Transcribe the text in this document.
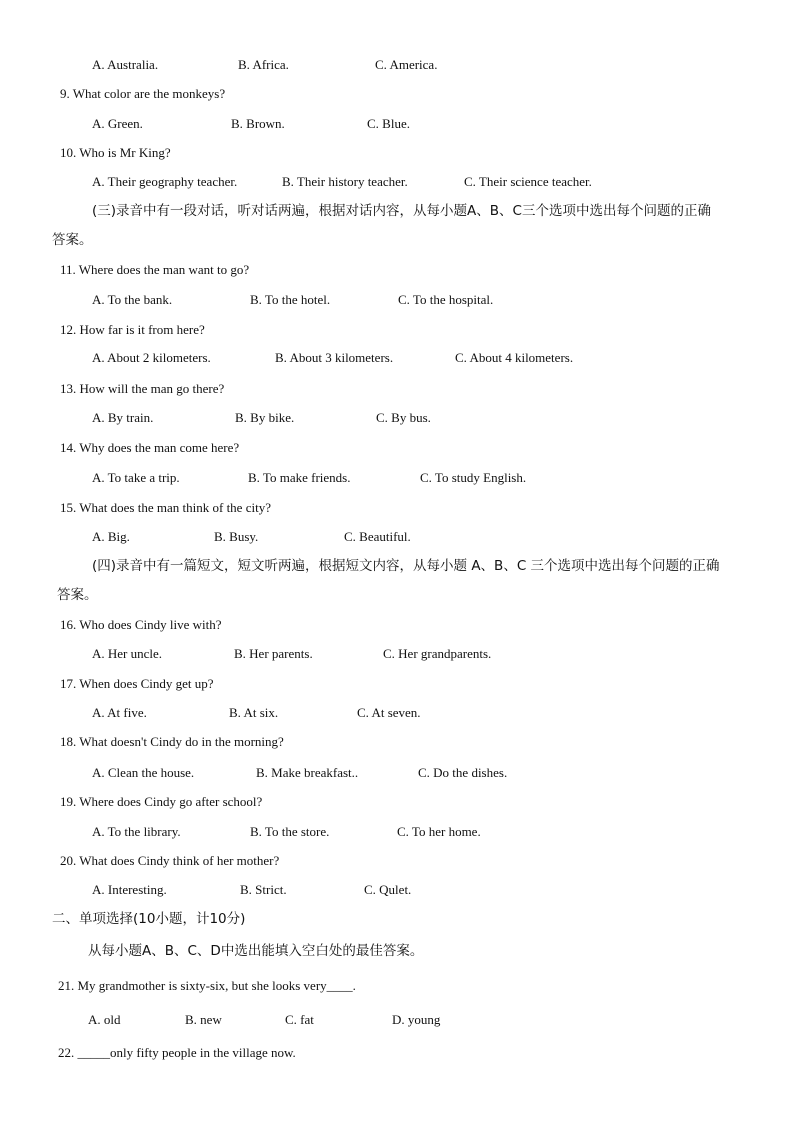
A. Australia.	B. Africa.	C. America.
9. What color are the monkeys?
A. Green.	B. Brown.	C. Blue.
10. Who is Mr King?
A. Their geography teacher.	B. Their history teacher.	C. Their science teacher.
(三)录音中有一段对话，听对话两遍，根据对话内容，从每小题A、B、C三个选项中选出每个问题的正确
答案。
11. Where does the man want to go?
A. To the bank.	B. To the hotel.	C. To the hospital.
12. How far is it from here?
A. About 2 kilometers.	B. About 3 kilometers.	C. About 4 kilometers.
13. How will the man go there?
A. By train.	B. By bike.	C. By bus.
14. Why does the man come here?
A. To take a trip.	B. To make friends.	C. To study English.
15. What does the man think of the city?
A. Big.	B. Busy.	C. Beautiful.
(四)录音中有一篇短文，短文听两遍，根据短文内容，从每小题 A、B、C 三个选项中选出每个问题的正确
答案。
16. Who does Cindy live with?
A. Her uncle.	B. Her parents.	C. Her grandparents.
17. When does Cindy get up?
A. At five.	B. At six.	C. At seven.
18. What doesn't Cindy do in the morning?
A. Clean the house.	B. Make breakfast..	C. Do the dishes.
19. Where does Cindy go after school?
A. To the library.	B. To the store.	C. To her home.
20. What does Cindy think of her mother?
A. Interesting.	B. Strict.	C. Qulet.
二、单项选择(10小题，计10分)
从每小题A、B、C、D中选出能填入空白处的最佳答案。
21. My grandmother is sixty-six, but she looks very____.
A. old	B. new	C. fat	D. young
22. _____only fifty people in the village now.
